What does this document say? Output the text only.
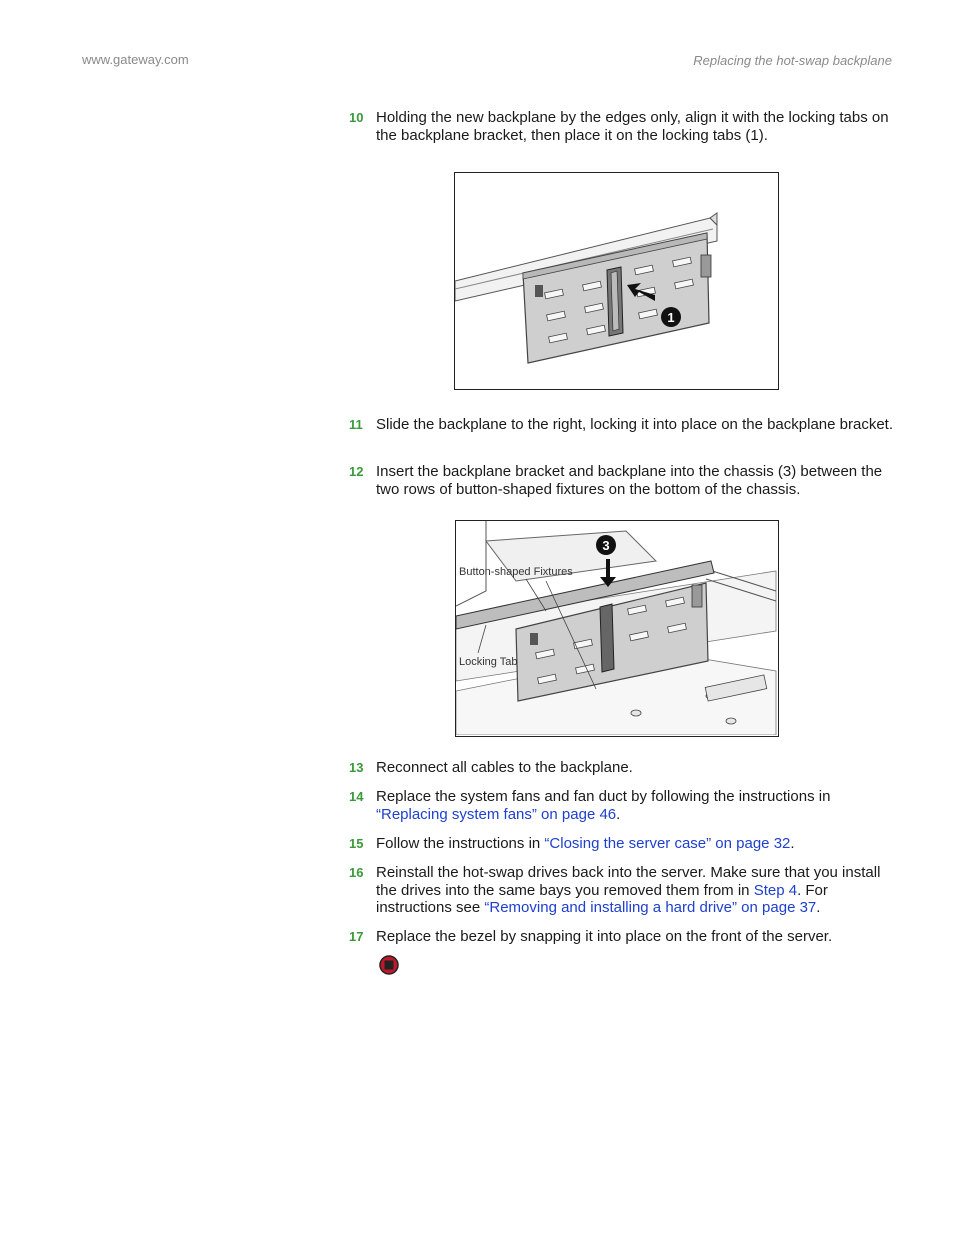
www.gateway.com	Replacing the hot-swap backplane
10 Holding the new backplane by the edges only, align it with the locking tabs on the backplane bracket, then place it on the locking tabs (1).
1
11 Slide the backplane to the right, locking it into place on the backplane bracket.
12 Insert the backplane bracket and backplane into the chassis (3) between the two rows of button-shaped fixtures on the bottom of the chassis.
3
Button-shaped Fixtures
Locking Tab
13 Reconnect all cables to the backplane.
14 Replace the system fans and fan duct by following the instructions in “Replacing system fans” on page 46.
15 Follow the instructions in “Closing the server case” on page 32.
16 Reinstall the hot-swap drives back into the server. Make sure that you install the drives into the same bays you removed them from in Step 4. For instructions see “Removing and installing a hard drive” on page 37.
17 Replace the bezel by snapping it into place on the front of the server.
